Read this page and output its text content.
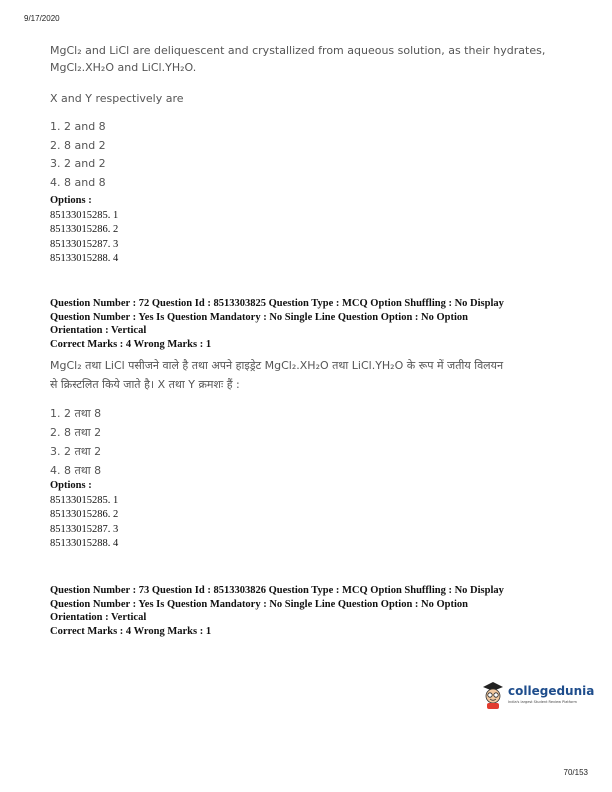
9/17/2020
MgCl₂ and LiCl are deliquescent and crystallized from aqueous solution, as their hydrates,
MgCl₂.XH₂O and LiCl.YH₂O.
X and Y respectively are
1. 2 and 8
2. 8 and 2
3. 2 and 2
4. 8 and 8
Options :
85133015285. 1
85133015286. 2
85133015287. 3
85133015288. 4
Question Number : 72 Question Id : 8513303825 Question Type : MCQ Option Shuffling : No Display
Question Number : Yes Is Question Mandatory : No Single Line Question Option : No Option
Orientation : Vertical
Correct Marks : 4 Wrong Marks : 1
MgCl₂ तथा LiCl पसीजने वाले है तथा अपने हाइड्रेट MgCl₂.XH₂O तथा LiCl.YH₂O के रूप में जतीय विलयन
से क्रिस्टलित किये जाते है। X तथा Y क्रमशः हैं :
1. 2 तथा 8
2. 8 तथा 2
3. 2 तथा 2
4. 8 तथा 8
Options :
85133015285. 1
85133015286. 2
85133015287. 3
85133015288. 4
Question Number : 73 Question Id : 8513303826 Question Type : MCQ Option Shuffling : No Display
Question Number : Yes Is Question Mandatory : No Single Line Question Option : No Option
Orientation : Vertical
Correct Marks : 4 Wrong Marks : 1
collegedunia
India's largest Student Review Platform
70/153
